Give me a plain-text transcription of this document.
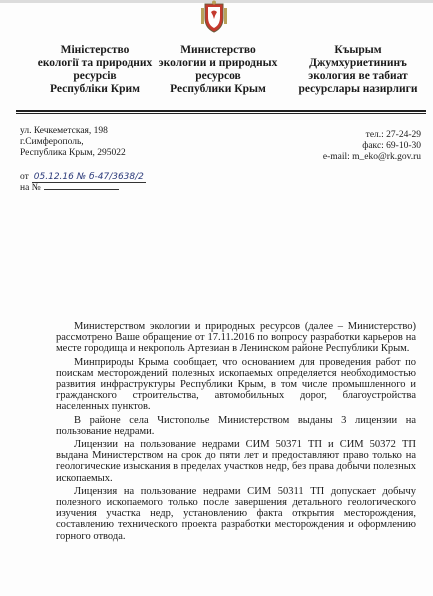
Міністерство
екології та природних
ресурсів
Республіки Крим
Министерство
экологии и природных
ресурсов
Республики Крым
Къырым
Джумхуриетининъ
экология ве табиат
ресурслары назирлиги
ул. Кечкеметская, 198
г.Симферополь,
Республика Крым, 295022
тел.: 27-24-29
факс: 69-10-30
e-mail: m_eko@rk.gov.ru
от 05.12.16 № б-47/3638/2
на №

Министерством экологии и природных ресурсов (далее – Министерство) рассмотрено Ваше обращение от 17.11.2016 по вопросу разработки карьеров на месте городища и некрополь Артезиан в Ленинском районе Республики Крым.

Минприроды Крыма сообщает, что основанием для проведения работ по поискам месторождений полезных ископаемых определяется необходимостью развития инфраструктуры Республики Крым, в том числе промышленного и гражданского строительства, автомобильных дорог, благоустройства населенных пунктов.

В районе села Чистополье Министерством выданы 3 лицензии на пользование недрами.

Лицензии на пользование недрами СИМ 50371 ТП и СИМ 50372 ТП выдана Министерством на срок до пяти лет и предоставляют право только на геологические изыскания в пределах участков недр, без права добычи полезных ископаемых.

Лицензия на пользование недрами СИМ 50311 ТП допускает добычу полезного ископаемого только после завершения детального геологического изучения участка недр, установлению факта открытия месторождения, составлению технического проекта разработки месторождения и оформлению горного отвода.
